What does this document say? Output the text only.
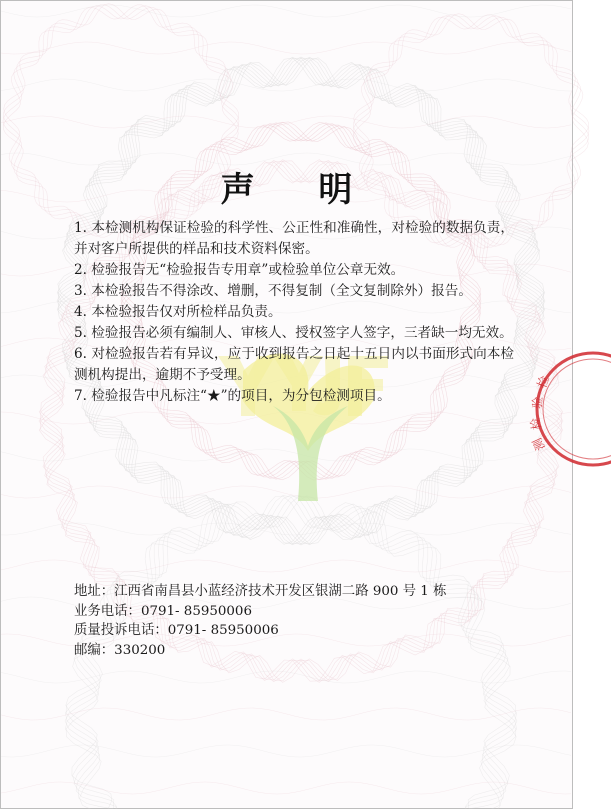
检
验
检
测
声 明
1. 本检测机构保证检验的科学性、公正性和准确性，对检验的数据负责，并对客户所提供的样品和技术资料保密。
2. 检验报告无“检验报告专用章”或检验单位公章无效。
3. 本检验报告不得涂改、增删，不得复制（全文复制除外）报告。
4. 本检验报告仅对所检样品负责。
5. 检验报告必须有编制人、审核人、授权签字人签字，三者缺一均无效。
6. 对检验报告若有异议，应于收到报告之日起十五日内以书面形式向本检测机构提出，逾期不予受理。
7. 检验报告中凡标注“★”的项目，为分包检测项目。
地址：江西省南昌县小蓝经济技术开发区银湖二路 900 号 1 栋
业务电话：0791- 85950006
质量投诉电话：0791- 85950006
邮编：330200
